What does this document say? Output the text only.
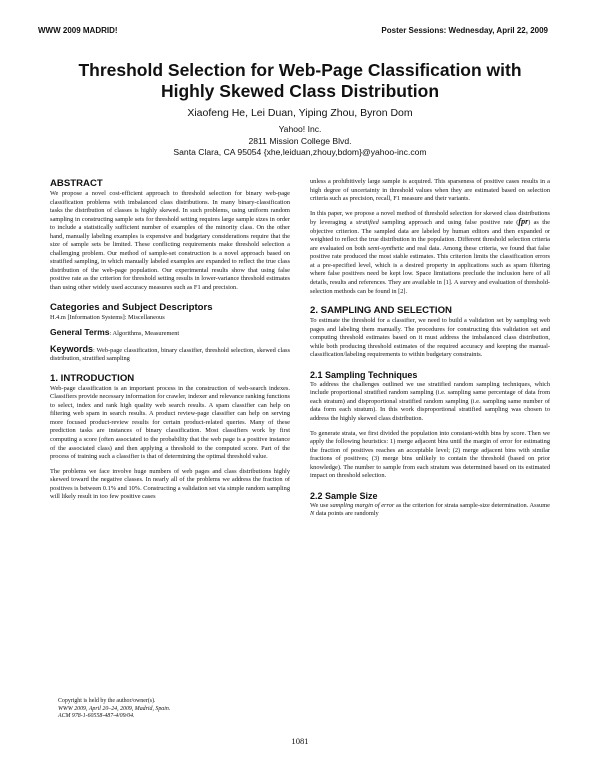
WWW 2009 MADRID!	Poster Sessions: Wednesday, April 22, 2009
Threshold Selection for Web-Page Classification with
Highly Skewed Class Distribution
Xiaofeng He, Lei Duan, Yiping Zhou, Byron Dom
Yahoo! Inc.
2811 Mission College Blvd.
Santa Clara, CA 95054 {xhe,leiduan,zhouy,bdom}@yahoo-inc.com
ABSTRACT

We propose a novel cost-efficient approach to threshold selection for binary web-page classification problems with imbalanced class distributions. In many binary-classification tasks the distribution of classes is highly skewed. In such problems, using uniform random sampling in constructing sample sets for threshold setting requires large sample sizes in order to include a statistically sufficient number of examples of the minority class. On the other hand, manually labeling examples is expensive and budgetary considerations require that the size of sample sets be limited. These conflicting requirements make threshold selection a challenging problem. Our method of sample-set construction is a novel approach based on stratified sampling, in which manually labeled examples are expanded to reflect the true class distribution of the web-page population. Our experimental results show that using false positive rate as the criterion for threshold setting results in lower-variance threshold estimates than using other widely used accuracy measures such as F1 and precision.

Categories and Subject Descriptors

H.4.m [Information Systems]: Miscellaneous

General Terms: Algorithms, Measurement

Keywords: Web-page classification, binary classifier, threshold selection, skewed class distribution, stratified sampling

1. INTRODUCTION

Web-page classification is an important process in the construction of web-search indexes. Classifiers provide necessary information for crawler, indexer and relevance ranking functions to select, index and rank high quality web search results. A spam classifier can help on filtering web spam in search results. A product review-page classifier can help on serving more focused product-review results for certain product-related queries. Many of these prediction tasks are instances of binary classification. Most classifiers work by first computing a score (often associated to the probability that the web page is a positive instance of the associated class) and then applying a threshold to the computed score. Part of the process of training such a classifier is that of determining the optimal threshold value.

The problems we face involve huge numbers of web pages and class distributions highly skewed toward the negative classes. In nearly all of the problems we address the fraction of positives is between 0.1% and 10%. Constructing a validation set via simple random sampling will likely result in too few positive cases

Copyright is held by the author/owner(s).
WWW 2009, April 20–24, 2009, Madrid, Spain.
ACM 978-1-60558-487-4/09/04.

unless a prohibitively large sample is acquired. This sparseness of positive cases results in a high degree of uncertainty in threshold values when they are estimated based on selection criteria such as precision, recall, F1 measure and their variants.

In this paper, we propose a novel method of threshold selection for skewed class distributions by leveraging a stratified sampling approach and using false positive rate (fpr) as the objective criterion. The sampled data are labeled by human editors and then expanded or weighted to reflect the true distribution in the population. Different threshold selection criteria are evaluated on both semi-synthetic and real data. Among these criteria, we found that false positive rate produced the most stable estimates. This criterion limits the classification errors at a pre-specified level, which is a desired property in applications such as spam filtering where false positives need be kept low. Space limitations preclude the inclusion here of all details, results and references. They are available in [1]. A survey and evaluation of threshold-selection methods can be found in [2].

2. SAMPLING AND SELECTION

To estimate the threshold for a classifier, we need to build a validation set by sampling web pages and labeling them manually. The procedures for constructing this validation set and computing threshold estimates based on it must address the imbalanced class distribution, while both producing threshold estimates of the required accuracy and keeping the manual-classification/labeling requirements to within budgetary constraints.

2.1 Sampling Techniques

To address the challenges outlined we use stratified random sampling techniques, which include proportional stratified random sampling (i.e. sampling same percentage of data from each stratum) and disproportional stratified random sampling (i.e. sampling same number of data form each stratum). In this work disproportional stratified sampling was chosen to address the highly skewed class distribution.

To generate strata, we first divided the population into constant-width bins by score. Then we apply the following heuristics: 1) merge adjacent bins until the margin of error for estimating the fraction of positives reaches an acceptable level; (2) merge adjacent bins with similar fractions of positives; (3) merge bins unlikely to contain the threshold (based on prior knowledge). The number to sample from each stratum was determined based on its estimated impact on threshold selection.

2.2 Sample Size

We use sampling margin of error as the criterion for strata sample-size determination. Assume N data points are randomly

1081
